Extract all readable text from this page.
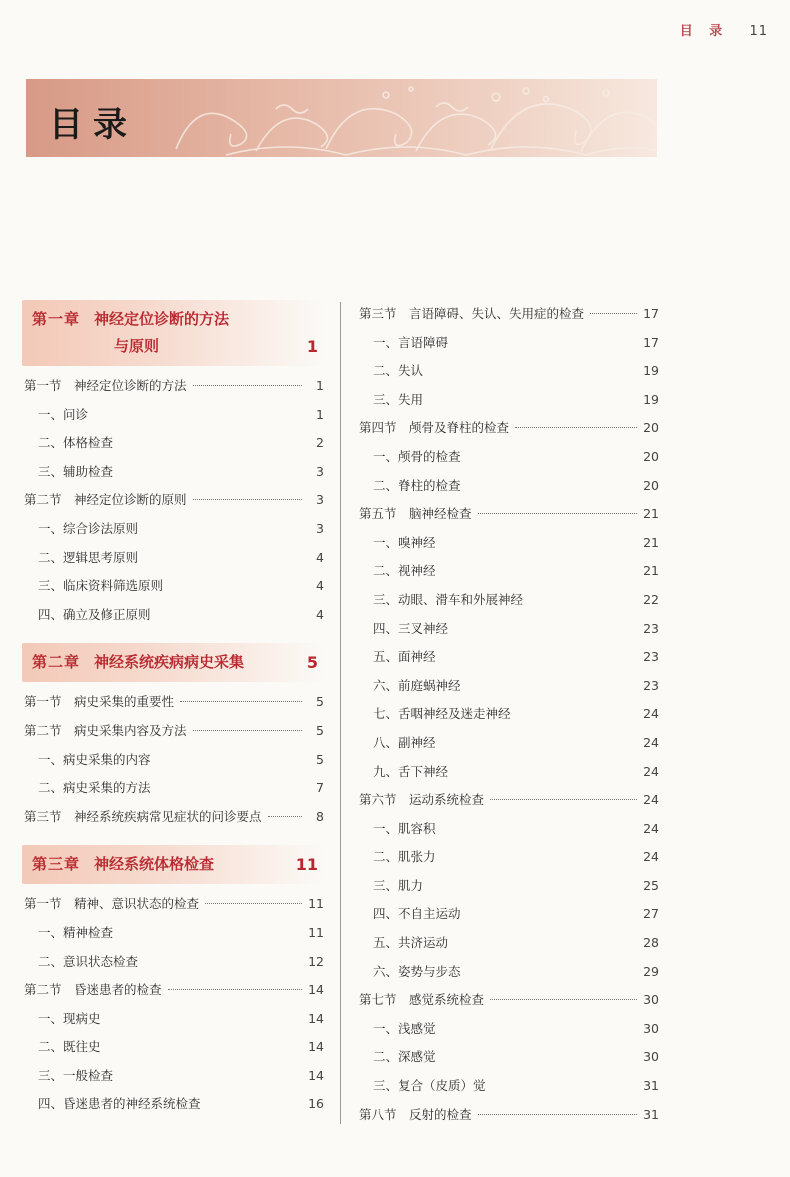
目 录 11
目录
第一章 神经定位诊断的方法
与原则	1
第一节　神经定位诊断的方法	1
一、问诊	1
二、体格检查	2
三、辅助检查	3
第二节　神经定位诊断的原则	3
一、综合诊法原则	3
二、逻辑思考原则	4
三、临床资料筛选原则	4
四、确立及修正原则	4
第二章 神经系统疾病病史采集	5
第一节　病史采集的重要性	5
第二节　病史采集内容及方法	5
一、病史采集的内容	5
二、病史采集的方法	7
第三节　神经系统疾病常见症状的问诊要点	8
第三章 神经系统体格检查	11
第一节　精神、意识状态的检查	11
一、精神检查	11
二、意识状态检查	12
第二节　昏迷患者的检查	14
一、现病史	14
二、既往史	14
三、一般检查	14
四、昏迷患者的神经系统检查	16
第三节　言语障碍、失认、失用症的检查	17
一、言语障碍	17
二、失认	19
三、失用	19
第四节　颅骨及脊柱的检查	20
一、颅骨的检查	20
二、脊柱的检查	20
第五节　脑神经检查	21
一、嗅神经	21
二、视神经	21
三、动眼、滑车和外展神经	22
四、三叉神经	23
五、面神经	23
六、前庭蜗神经	23
七、舌咽神经及迷走神经	24
八、副神经	24
九、舌下神经	24
第六节　运动系统检查	24
一、肌容积	24
二、肌张力	24
三、肌力	25
四、不自主运动	27
五、共济运动	28
六、姿势与步态	29
第七节　感觉系统检查	30
一、浅感觉	30
二、深感觉	30
三、复合（皮质）觉	31
第八节　反射的检查	31
